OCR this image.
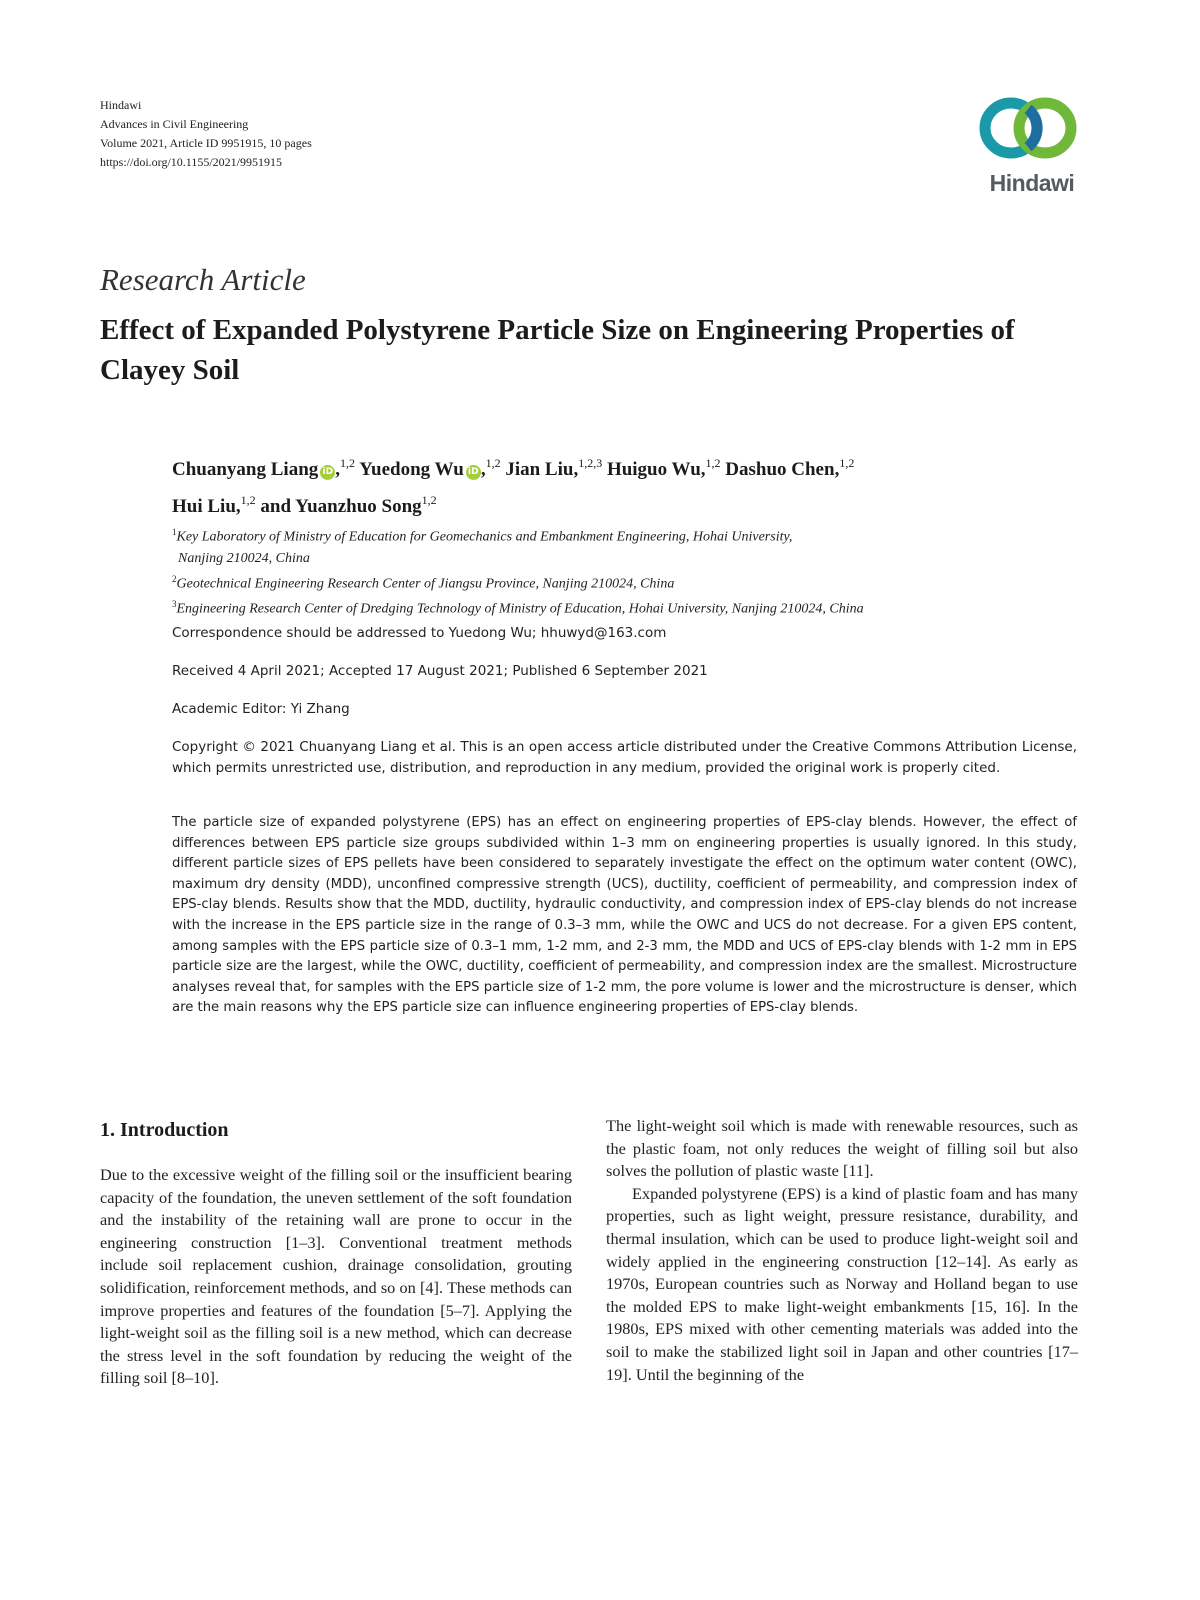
Hindawi
Advances in Civil Engineering
Volume 2021, Article ID 9951915, 10 pages
https://doi.org/10.1155/2021/9951915
Hindawi
Research Article
Effect of Expanded Polystyrene Particle Size on Engineering Properties of Clayey Soil
Chuanyang Liang iD ,$^{1,2}$ Yuedong Wu iD ,$^{1,2}$ Jian Liu,$^{1,2,3}$ Huiguo Wu,$^{1,2}$ Dashuo Chen,$^{1,2}$
Hui Liu,$^{1,2}$ and Yuanzhuo Song$^{1,2}$
$^1$Key Laboratory of Ministry of Education for Geomechanics and Embankment Engineering, Hohai University,
Nanjing 210024, China
$^2$Geotechnical Engineering Research Center of Jiangsu Province, Nanjing 210024, China
$^3$Engineering Research Center of Dredging Technology of Ministry of Education, Hohai University, Nanjing 210024, China
Correspondence should be addressed to Yuedong Wu; hhuwyd@163.com
Received 4 April 2021; Accepted 17 August 2021; Published 6 September 2021
Academic Editor: Yi Zhang
Copyright © 2021 Chuanyang Liang et al. This is an open access article distributed under the Creative Commons Attribution License, which permits unrestricted use, distribution, and reproduction in any medium, provided the original work is properly cited.
The particle size of expanded polystyrene (EPS) has an effect on engineering properties of EPS-clay blends. However, the effect of differences between EPS particle size groups subdivided within 1–3 mm on engineering properties is usually ignored. In this study, different particle sizes of EPS pellets have been considered to separately investigate the effect on the optimum water content (OWC), maximum dry density (MDD), unconfined compressive strength (UCS), ductility, coefficient of permeability, and compression index of EPS-clay blends. Results show that the MDD, ductility, hydraulic conductivity, and compression index of EPS-clay blends do not increase with the increase in the EPS particle size in the range of 0.3–3 mm, while the OWC and UCS do not decrease. For a given EPS content, among samples with the EPS particle size of 0.3–1 mm, 1-2 mm, and 2-3 mm, the MDD and UCS of EPS-clay blends with 1-2 mm in EPS particle size are the largest, while the OWC, ductility, coefficient of permeability, and compression index are the smallest. Microstructure analyses reveal that, for samples with the EPS particle size of 1-2 mm, the pore volume is lower and the microstructure is denser, which are the main reasons why the EPS particle size can influence engineering properties of EPS-clay blends.
1. Introduction

Due to the excessive weight of the filling soil or the insufficient bearing capacity of the foundation, the uneven settlement of the soft foundation and the instability of the retaining wall are prone to occur in the engineering construction [1–3]. Conventional treatment methods include soil replacement cushion, drainage consolidation, grouting solidification, reinforcement methods, and so on [4]. These methods can improve properties and features of the foundation [5–7]. Applying the light-weight soil as the filling soil is a new method, which can decrease the stress level in the soft foundation by reducing the weight of the filling soil [8–10].

The light-weight soil which is made with renewable resources, such as the plastic foam, not only reduces the weight of filling soil but also solves the pollution of plastic waste [11].

Expanded polystyrene (EPS) is a kind of plastic foam and has many properties, such as light weight, pressure resistance, durability, and thermal insulation, which can be used to produce light-weight soil and widely applied in the engineering construction [12–14]. As early as 1970s, European countries such as Norway and Holland began to use the molded EPS to make light-weight embankments [15, 16]. In the 1980s, EPS mixed with other cementing materials was added into the soil to make the stabilized light soil in Japan and other countries [17–19]. Until the beginning of the
